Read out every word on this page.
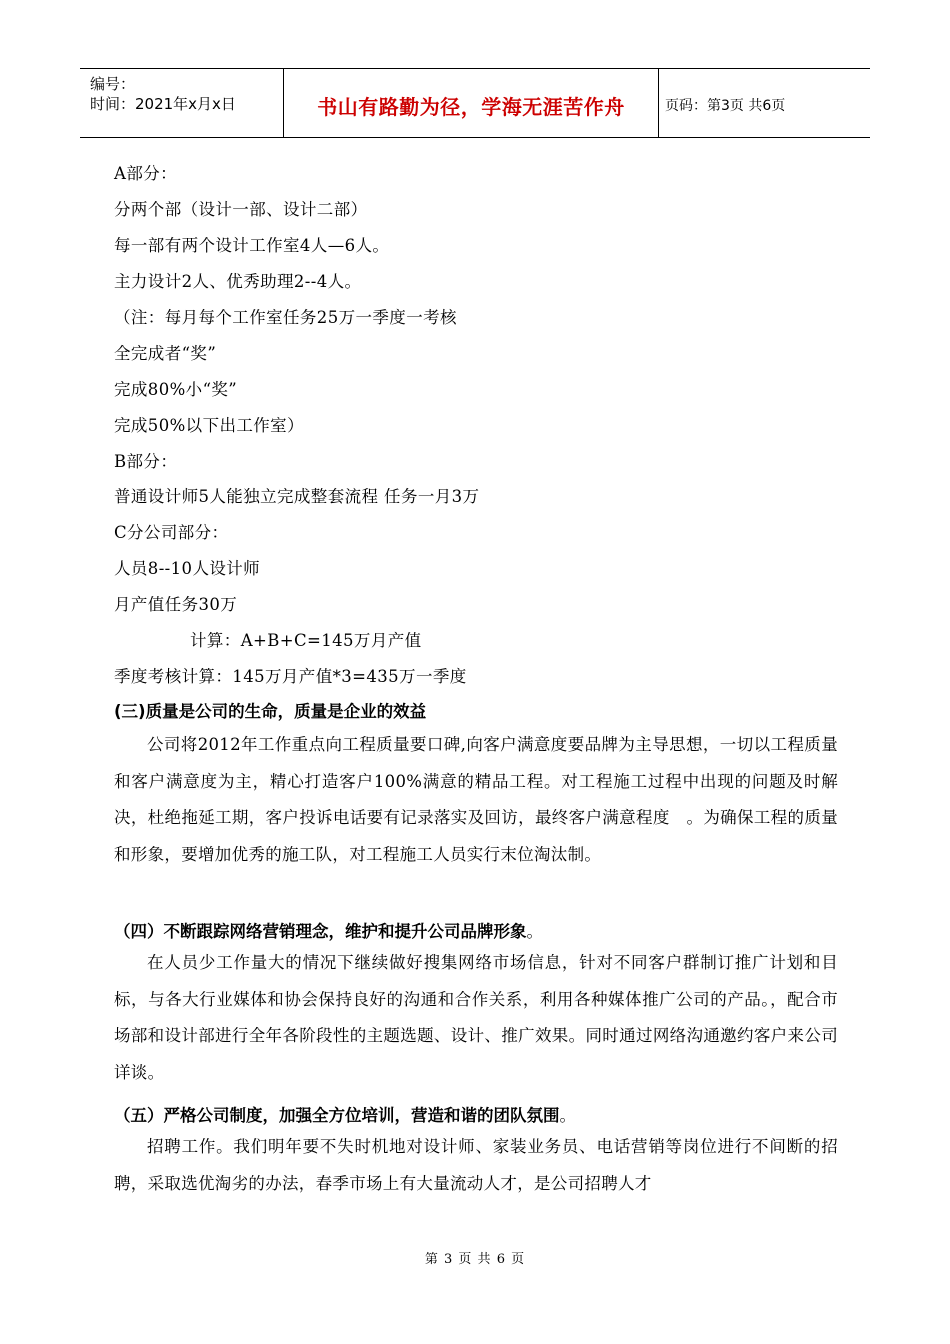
编号：
时间：2021年x月x日	书山有路勤为径，学海无涯苦作舟	页码：第3页 共6页
A部分：
分两个部（设计一部、设计二部）
每一部有两个设计工作室4人—6人。
主力设计2人、优秀助理2--4人。
（注：每月每个工作室任务25万一季度一考核
全完成者“奖”
完成80%小“奖”
完成50%以下出工作室）
B部分：
普通设计师5人能独立完成整套流程 任务一月3万
C分公司部分：
人员8--10人设计师
月产值任务30万
计算：A+B+C=145万月产值
季度考核计算：145万月产值*3=435万一季度
(三)质量是公司的生命，质量是企业的效益

公司将2012年工作重点向工程质量要口碑,向客户满意度要品牌为主导思想，一切以工程质量和客户满意度为主，精心打造客户100%满意的精品工程。对工程施工过程中出现的问题及时解决，杜绝拖延工期，客户投诉电话要有记录落实及回访，最终客户满意程度　。为确保工程的质量和形象，要增加优秀的施工队，对工程施工人员实行末位淘汰制。

（四）不断跟踪网络营销理念，维护和提升公司品牌形象。

在人员少工作量大的情况下继续做好搜集网络市场信息，针对不同客户群制订推广计划和目标，与各大行业媒体和协会保持良好的沟通和合作关系，利用各种媒体推广公司的产品。，配合市场部和设计部进行全年各阶段性的主题选题、设计、推广效果。同时通过网络沟通邀约客户来公司详谈。

（五）严格公司制度，加强全方位培训，营造和谐的团队氛围。

招聘工作。我们明年要不失时机地对设计师、家装业务员、电话营销等岗位进行不间断的招聘，采取选优淘劣的办法，春季市场上有大量流动人才，是公司招聘人才

第 3 页 共 6 页
